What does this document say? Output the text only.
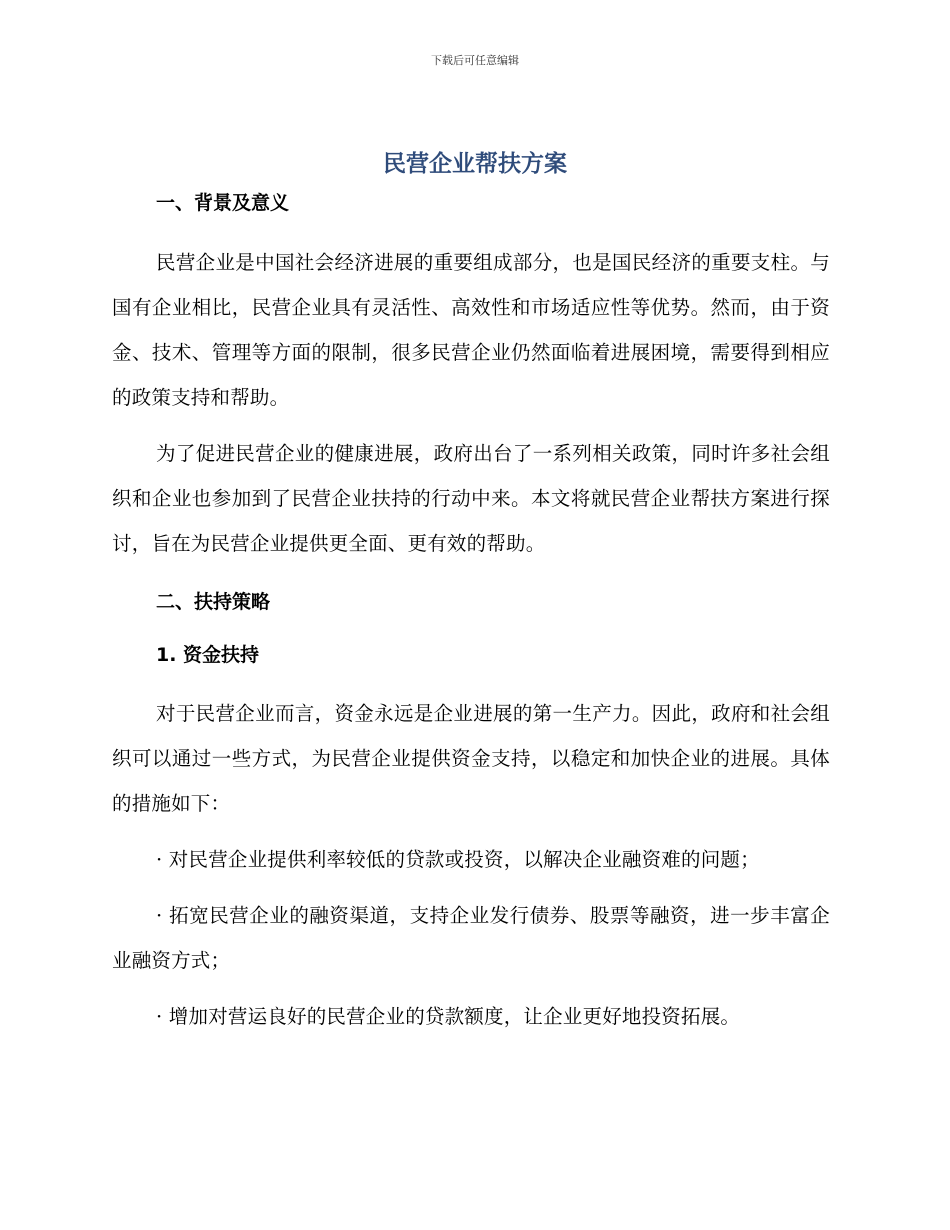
下载后可任意编辑
民营企业帮扶方案
一、背景及意义

民营企业是中国社会经济进展的重要组成部分，也是国民经济的重要支柱。与国有企业相比，民营企业具有灵活性、高效性和市场适应性等优势。然而，由于资金、技术、管理等方面的限制，很多民营企业仍然面临着进展困境，需要得到相应的政策支持和帮助。

为了促进民营企业的健康进展，政府出台了一系列相关政策，同时许多社会组织和企业也参加到了民营企业扶持的行动中来。本文将就民营企业帮扶方案进行探讨，旨在为民营企业提供更全面、更有效的帮助。

二、扶持策略
1. 资金扶持

对于民营企业而言，资金永远是企业进展的第一生产力。因此，政府和社会组织可以通过一些方式，为民营企业提供资金支持，以稳定和加快企业的进展。具体的措施如下：

· 对民营企业提供利率较低的贷款或投资，以解决企业融资难的问题；

· 拓宽民营企业的融资渠道，支持企业发行债券、股票等融资，进一步丰富企业融资方式；

· 增加对营运良好的民营企业的贷款额度，让企业更好地投资拓展。
